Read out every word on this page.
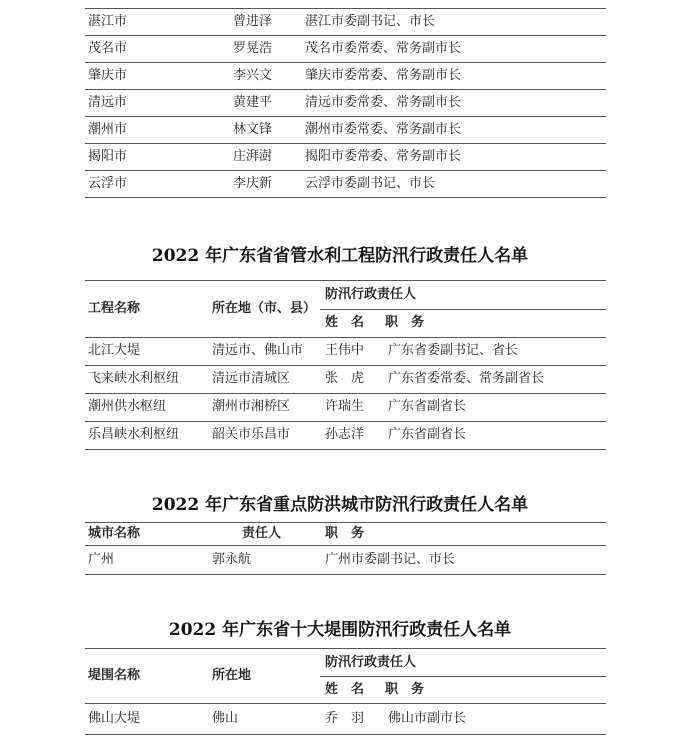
湛江市	曾进泽	湛江市委副书记、市长
茂名市	罗晃浩	茂名市委常委、常务副市长
肇庆市	李兴文	肇庆市委常委、常务副市长
清远市	黄建平	清远市委常委、常务副市长
潮州市	林文锋	潮州市委常委、常务副市长
揭阳市	庄湃澍	揭阳市委常委、常务副市长
云浮市	李庆新	云浮市委副书记、市长
2022 年广东省省管水利工程防汛行政责任人名单
工程名称	所在地（市、县）
防汛行政责任人
姓　名 职　务
北江大堤	清远市、佛山市 王伟中 广东省委副书记、省长
飞来峡水利枢纽	清远市清城区	张　虎 广东省委常委、常务副省长
潮州供水枢纽	潮州市湘桥区	许瑞生 广东省副省长
乐昌峡水利枢纽	韶关市乐昌市	孙志洋 广东省副省长
2022 年广东省重点防洪城市防汛行政责任人名单
城市名称	责任人	职　务
广州	郭永航	广州市委副书记、市长
2022 年广东省十大堤围防汛行政责任人名单
堤围名称	所在地
防汛行政责任人
姓　名 职　务
佛山大堤	佛山	乔　羽 佛山市副市长
